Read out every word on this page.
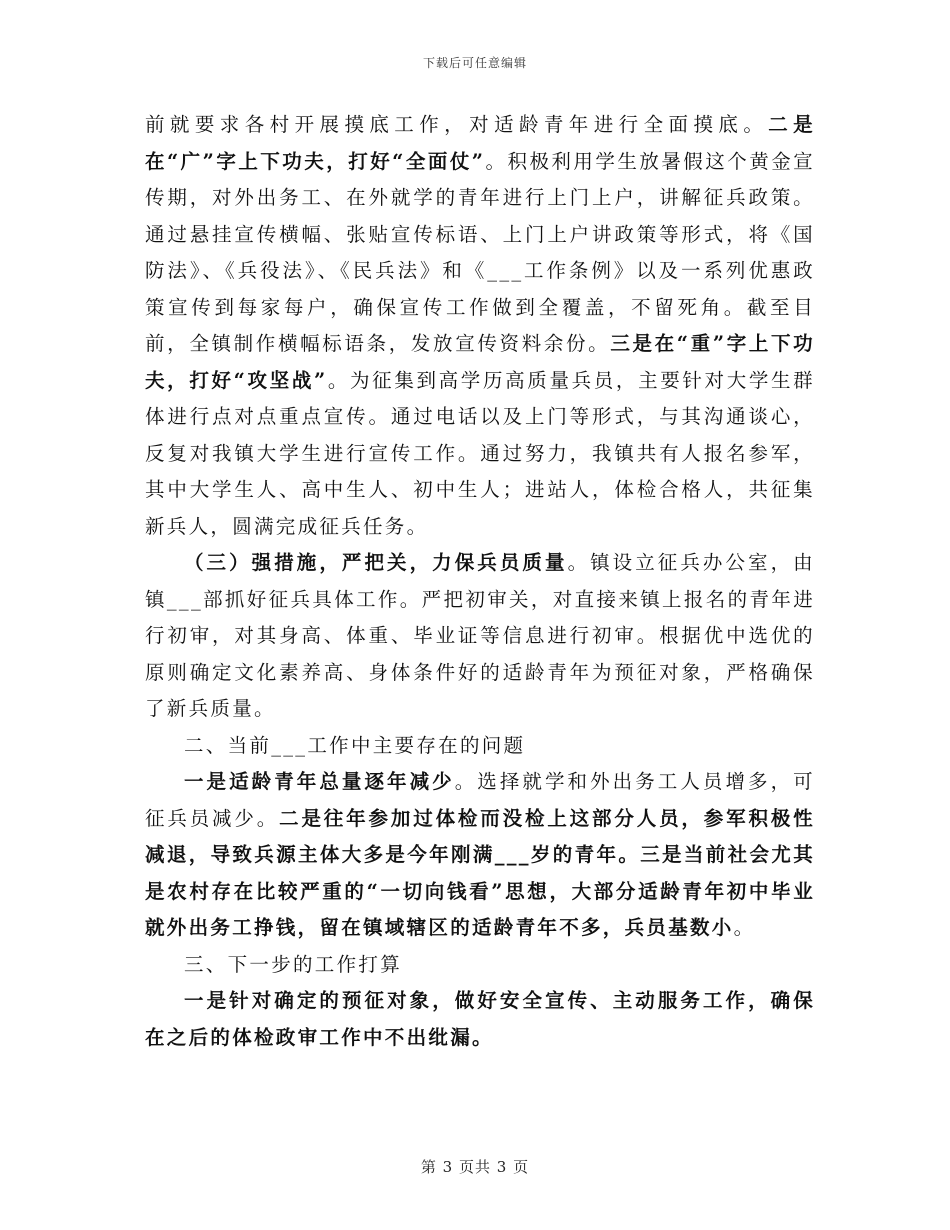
下载后可任意编辑

前就要求各村开展摸底工作，对适龄青年进行全面摸底。二是在“广”字上下功夫，打好“全面仗”。积极利用学生放暑假这个黄金宣传期，对外出务工、在外就学的青年进行上门上户，讲解征兵政策。通过悬挂宣传横幅、张贴宣传标语、上门上户讲政策等形式，将《国防法》、《兵役法》、《民兵法》和《___工作条例》以及一系列优惠政策宣传到每家每户，确保宣传工作做到全覆盖，不留死角。截至目前，全镇制作横幅标语条，发放宣传资料余份。三是在“重”字上下功夫，打好“攻坚战”。为征集到高学历高质量兵员，主要针对大学生群体进行点对点重点宣传。通过电话以及上门等形式，与其沟通谈心，反复对我镇大学生进行宣传工作。通过努力，我镇共有人报名参军，其中大学生人、高中生人、初中生人；进站人，体检合格人，共征集新兵人，圆满完成征兵任务。

（三）强措施，严把关，力保兵员质量。镇设立征兵办公室，由镇___部抓好征兵具体工作。严把初审关，对直接来镇上报名的青年进行初审，对其身高、体重、毕业证等信息进行初审。根据优中选优的原则确定文化素养高、身体条件好的适龄青年为预征对象，严格确保了新兵质量。

二、当前___工作中主要存在的问题

一是适龄青年总量逐年减少。选择就学和外出务工人员增多，可征兵员减少。二是往年参加过体检而没检上这部分人员，参军积极性减退，导致兵源主体大多是今年刚满___岁的青年。三是当前社会尤其是农村存在比较严重的“一切向钱看”思想，大部分适龄青年初中毕业就外出务工挣钱，留在镇域辖区的适龄青年不多，兵员基数小。

三、下一步的工作打算

一是针对确定的预征对象，做好安全宣传、主动服务工作，确保在之后的体检政审工作中不出纰漏。

第 3 页共 3 页
